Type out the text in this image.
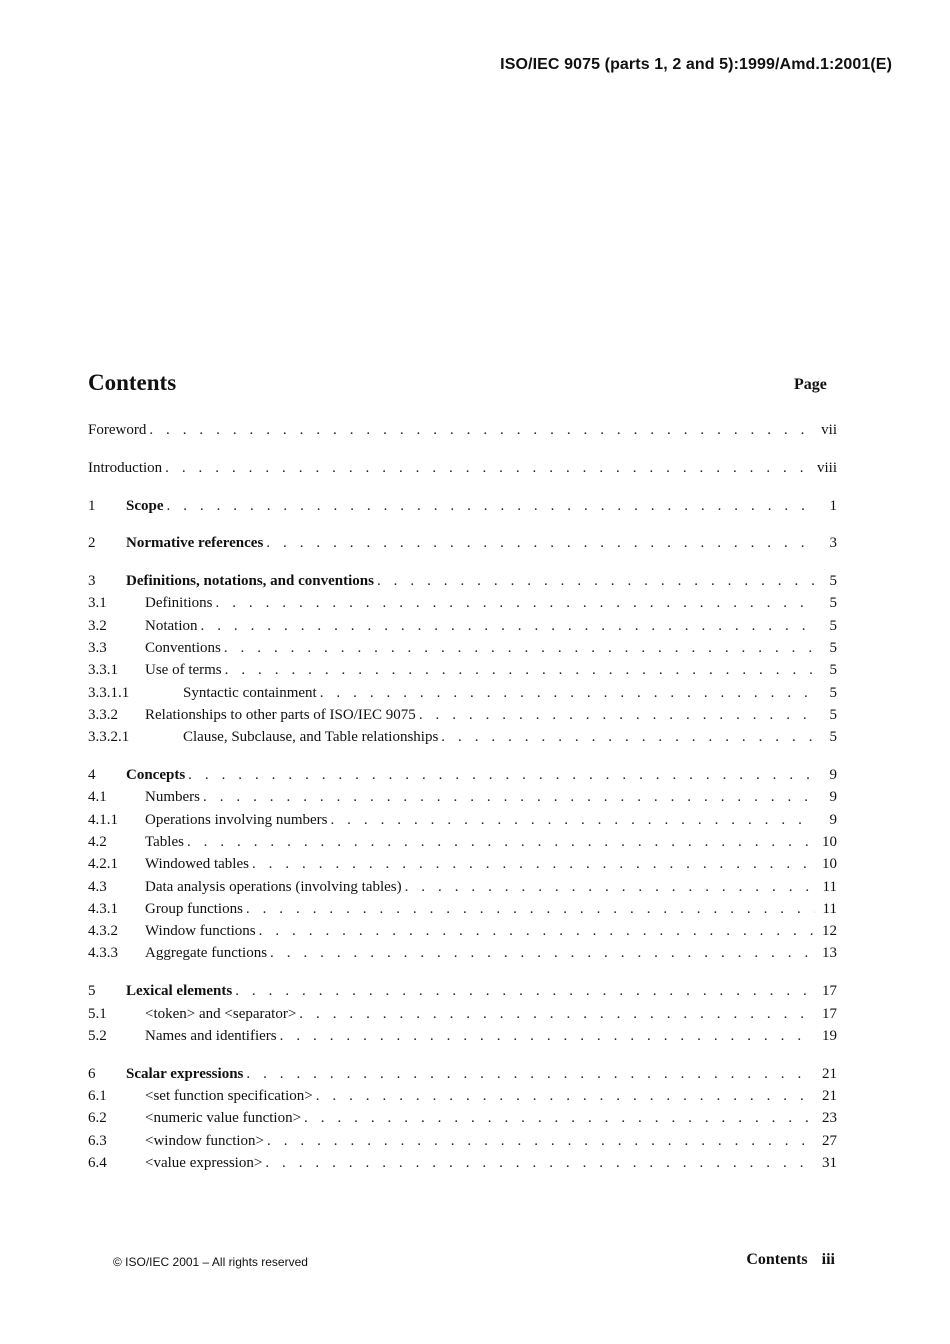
ISO/IEC 9075 (parts 1, 2 and 5):1999/Amd.1:2001(E)
Contents	Page
Foreword . . .	vii
Introduction . . .	viii
1	Scope . . .	1
2	Normative references . . .	3
3	Definitions, notations, and conventions . . .	5
3.1	Definitions . . .	5
3.2	Notation . . .	5
3.3	Conventions . . .	5
3.3.1	Use of terms . . .	5
3.3.1.1	Syntactic containment . . .	5
3.3.2	Relationships to other parts of ISO/IEC 9075 . . .	5
3.3.2.1	Clause, Subclause, and Table relationships . . .	5
4	Concepts . . .	9
4.1	Numbers . . .	9
4.1.1	Operations involving numbers . . .	9
4.2	Tables . . .	10
4.2.1	Windowed tables . . .	10
4.3	Data analysis operations (involving tables) . . .	11
4.3.1	Group functions . . .	11
4.3.2	Window functions . . .	12
4.3.3	Aggregate functions . . .	13
5	Lexical elements . . .	17
5.1	<token> and <separator> . . .	17
5.2	Names and identifiers . . .	19
6	Scalar expressions . . .	21
6.1	<set function specification> . . .	21
6.2	<numeric value function> . . .	23
6.3	<window function> . . .	27
6.4	<value expression> . . .	31
© ISO/IEC 2001 – All rights reserved	Contents iii
